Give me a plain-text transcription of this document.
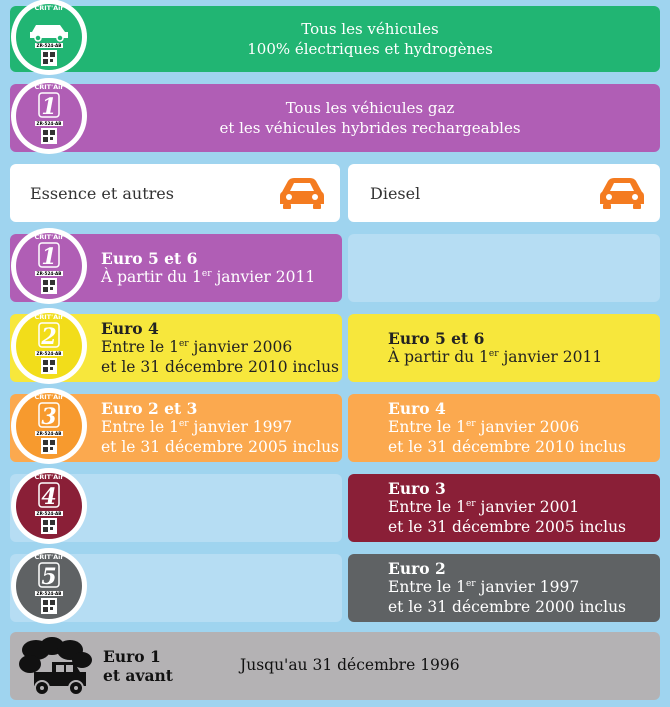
CRIT'Air
ZR-524-AB
Tous les véhicules
100% électriques et hydrogènes
CRIT'Air
1
ZR-524-AB
Tous les véhicules gaz
et les véhicules hybrides rechargeables
Essence et autres	Diesel
CRIT'Air
1
ZR-524-AB
Euro 5 et 6
À partir du 1er janvier 2011
CRIT'Air
2
ZR-524-AB
Euro 4
Entre le 1er janvier 2006
et le 31 décembre 2010 inclus
Euro 5 et 6
À partir du 1er janvier 2011
CRIT'Air
3
ZR-524-AB
Euro 2 et 3
Entre le 1er janvier 1997
et le 31 décembre 2005 inclus
Euro 4
Entre le 1er janvier 2006
et le 31 décembre 2010 inclus
CRIT'Air
4
ZR-524-AB
Euro 3
Entre le 1er janvier 2001
et le 31 décembre 2005 inclus
CRIT'Air
5
ZR-524-AB
Euro 2
Entre le 1er janvier 1997
et le 31 décembre 2000 inclus
Euro 1
et avant
Jusqu'au 31 décembre 1996
